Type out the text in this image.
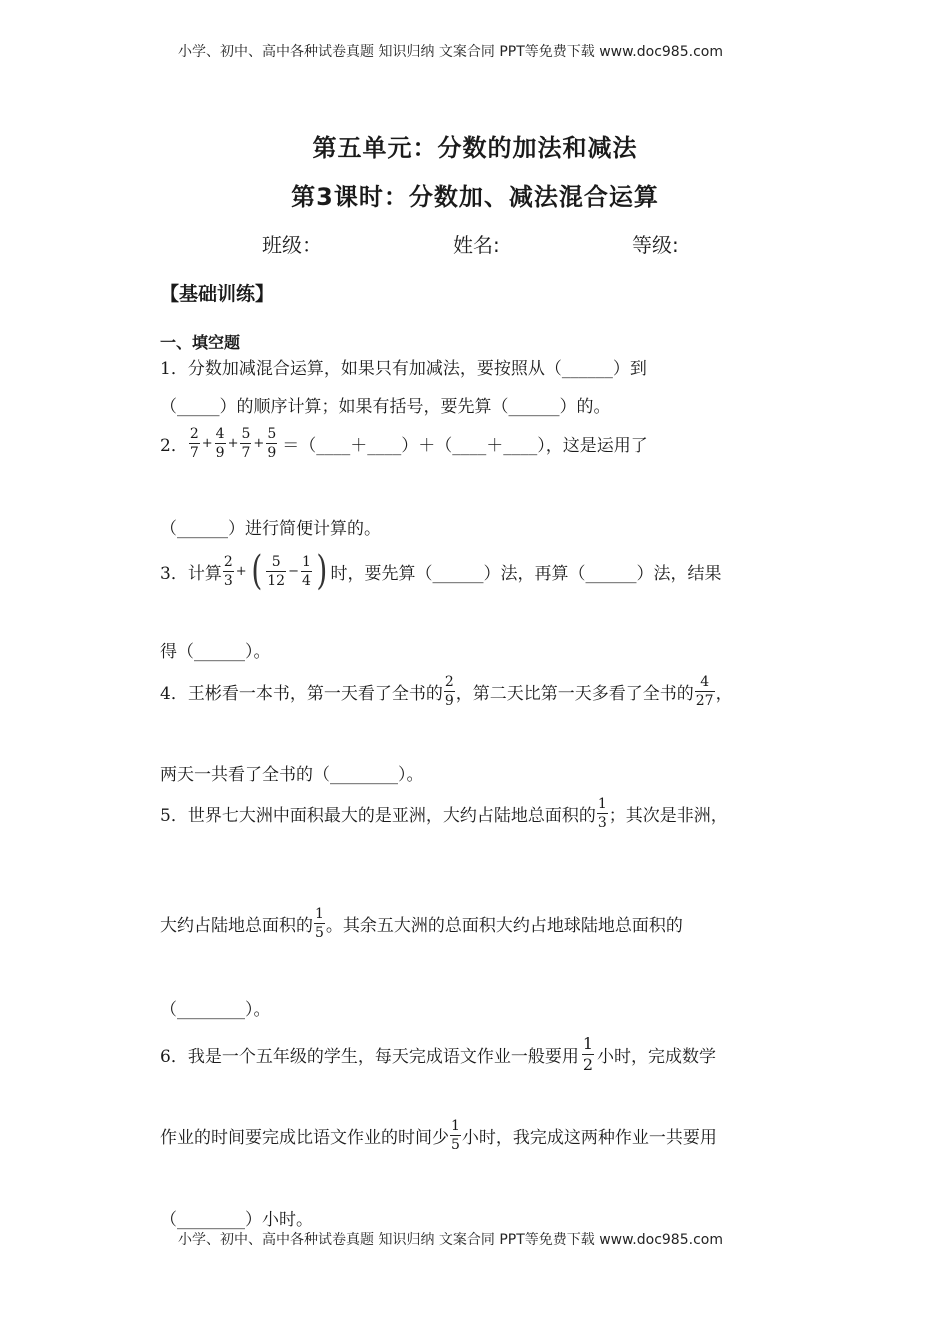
小学、初中、高中各种试卷真题 知识归纳 文案合同 PPT等免费下载 www.doc985.com
第五单元：分数的加法和减法
第3课时：分数加、减法混合运算
班级：	姓名:	等级:
【基础训练】
一、填空题
1．分数加减混合运算，如果只有加减法，要按照从（______）到
（_____）的顺序计算；如果有括号，要先算（______）的。
2． $\frac{2}{7} + \frac{4}{9} + \frac{5}{7} + \frac{5}{9}$ ＝（____＋____）＋（____＋____），这是运用了
（______）进行简便计算的。
3．计算 $\frac{2}{3}$ + ( $\frac{5}{12} - \frac{1}{4}$ ) 时，要先算（______）法，再算（______）法，结果
得（______）。
4．王彬看一本书，第一天看了全书的 $\frac{2}{9}$ ，第二天比第一天多看了全书的 $\frac{4}{27}$ ，
两天一共看了全书的（________）。
5．世界七大洲中面积最大的是亚洲，大约占陆地总面积的 $\frac{1}{3}$ ；其次是非洲，
大约占陆地总面积的 $\frac{1}{5}$ 。其余五大洲的总面积大约占地球陆地总面积的
（________）。
6．我是一个五年级的学生，每天完成语文作业一般要用 $\frac{1}{2}$ 小时，完成数学
作业的时间要完成比语文作业的时间少 $\frac{1}{5}$ 小时，我完成这两种作业一共要用
（________）小时。
小学、初中、高中各种试卷真题 知识归纳 文案合同 PPT等免费下载 www.doc985.com
